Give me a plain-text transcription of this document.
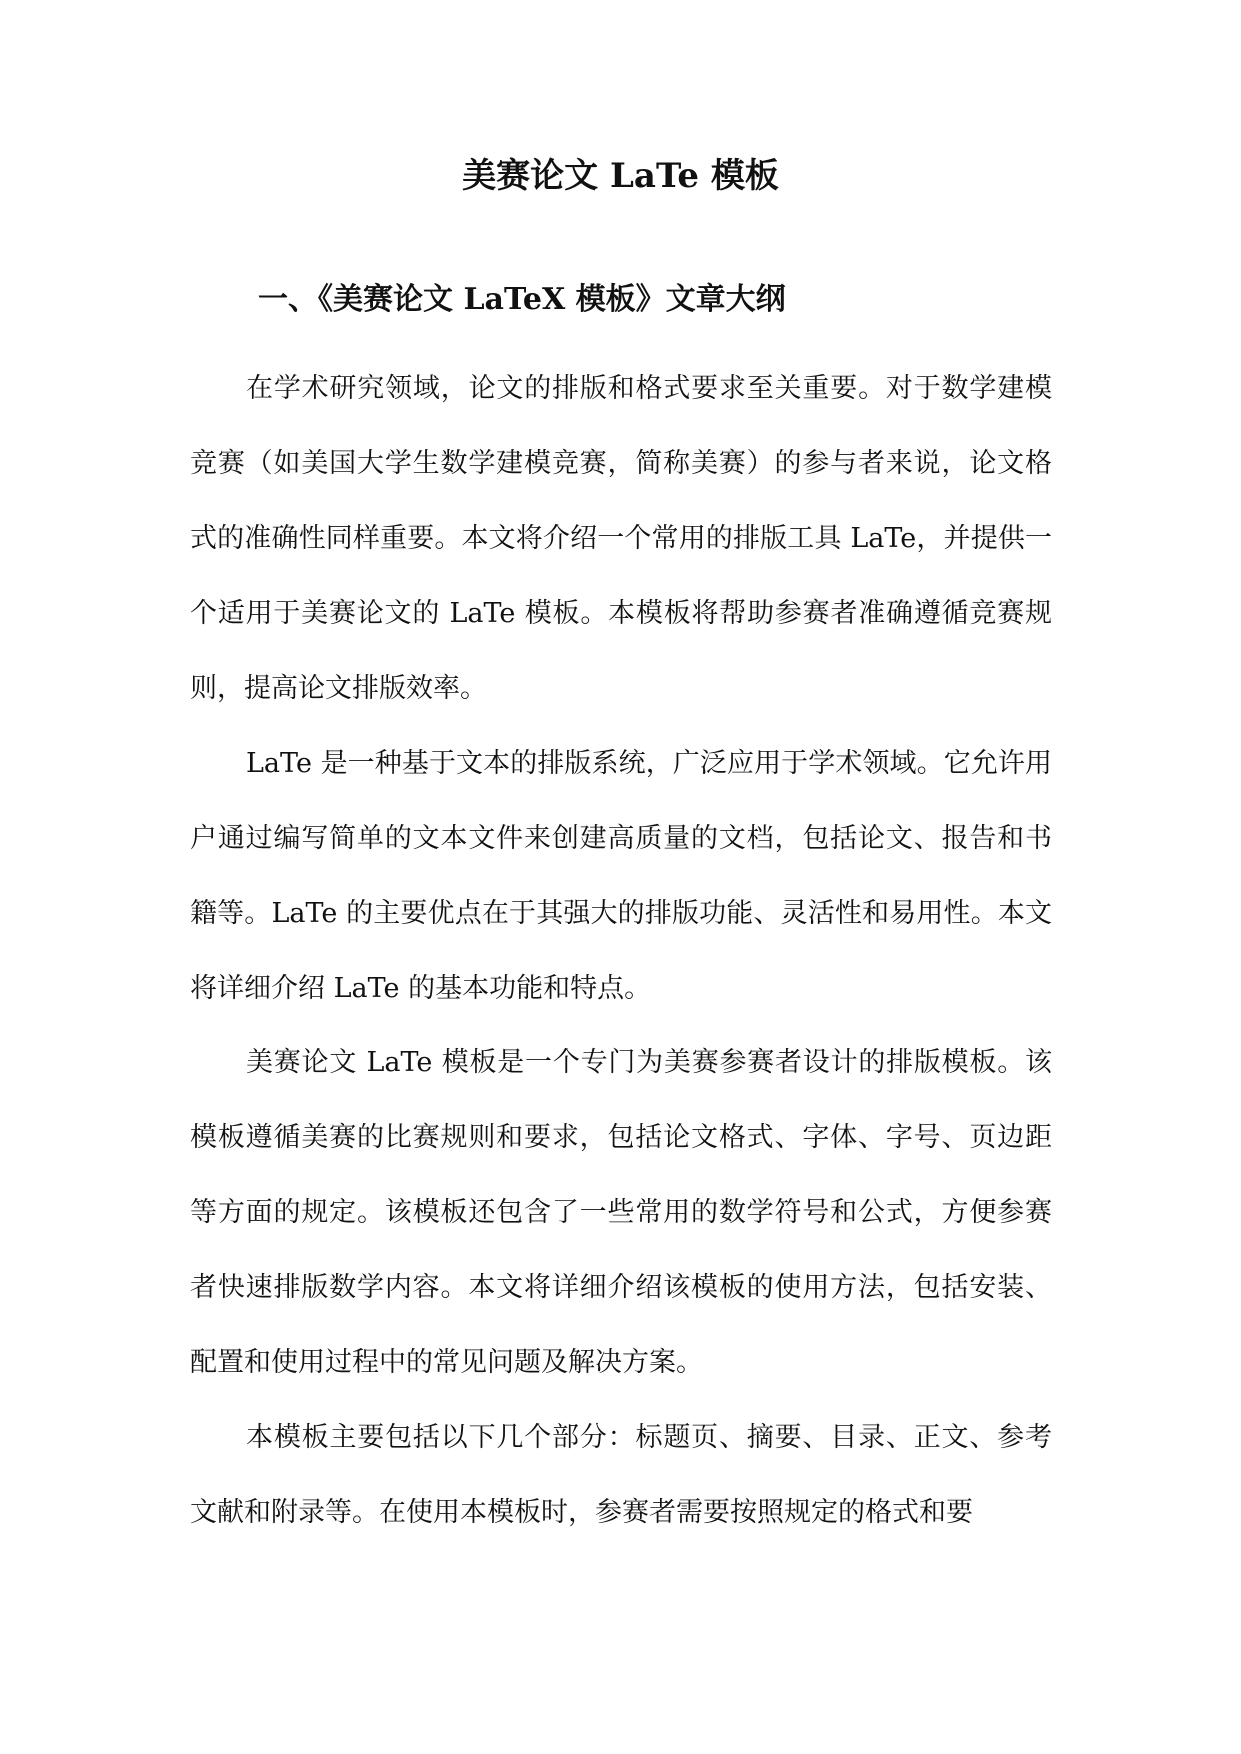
美赛论文 LaTe 模板
一、《美赛论文 LaTeX 模板》文章大纲

在学术研究领域，论文的排版和格式要求至关重要。对于数学建模竞赛（如美国大学生数学建模竞赛，简称美赛）的参与者来说，论文格式的准确性同样重要。本文将介绍一个常用的排版工具 LaTe，并提供一个适用于美赛论文的 LaTe 模板。本模板将帮助参赛者准确遵循竞赛规则，提高论文排版效率。

LaTe 是一种基于文本的排版系统，广泛应用于学术领域。它允许用户通过编写简单的文本文件来创建高质量的文档，包括论文、报告和书籍等。LaTe 的主要优点在于其强大的排版功能、灵活性和易用性。本文将详细介绍 LaTe 的基本功能和特点。

美赛论文 LaTe 模板是一个专门为美赛参赛者设计的排版模板。该模板遵循美赛的比赛规则和要求，包括论文格式、字体、字号、页边距等方面的规定。该模板还包含了一些常用的数学符号和公式，方便参赛者快速排版数学内容。本文将详细介绍该模板的使用方法，包括安装、配置和使用过程中的常见问题及解决方案。

本模板主要包括以下几个部分：标题页、摘要、目录、正文、参考文献和附录等。在使用本模板时，参赛者需要按照规定的格式和要
